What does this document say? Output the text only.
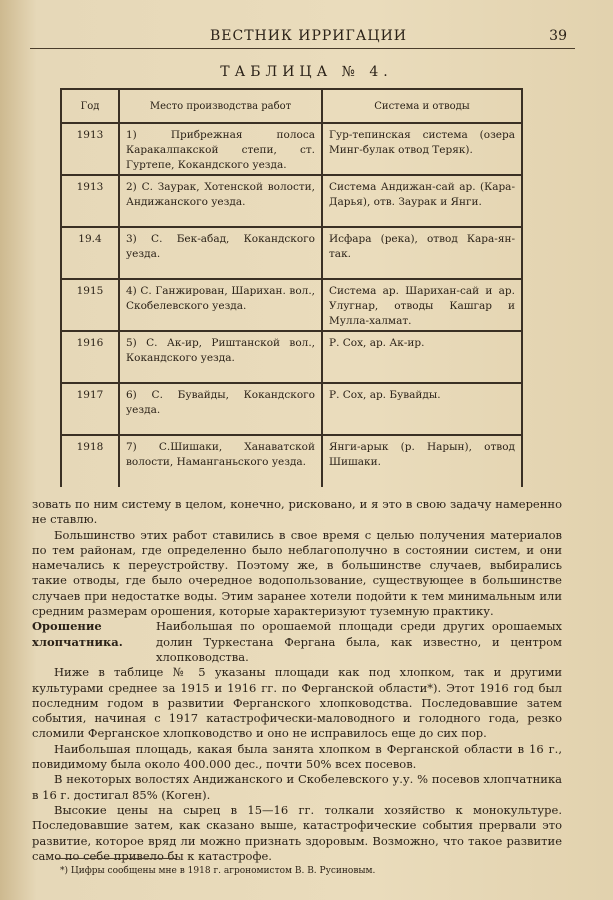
ВЕСТНИК ИРРИГАЦИИ	39
ТАБЛИЦА № 4.
Год	Место производства работ	Система и отводы
1913	1) Прибрежная полоса Каракалпакской степи, ст. Гуртепе, Кокандского уезда.	Гур-тепинская система (озера Минг-булак отвод Теряк).
1913	2) С. Заурак, Хотенской волости, Андижанского уезда.	Система Андижан-сай ар. (Кара-Дарья), отв. Заурак и Янги.
19.4	3) С. Бек-абад, Кокандского уезда.	Исфара (река), отвод Кара-ян-так.
1915	4) С. Ганжирован, Шарихан. вол., Скобелевского уезда.	Система ар. Шарихан-сай и ар. Улугнар, отводы Кашгар и Мулла-халмат.
1916	5) С. Ак-ир, Риштанской вол., Кокандского уезда.	Р. Сох, ар. Ак-ир.
1917	6) С. Бувайды, Кокандского уезда.	Р. Сох, ар. Бувайды.
1918	7) С.Шишаки, Ханаватской волости, Наманганьского уезда.	Янги-арык (р. Нарын), отвод Шишаки.

зовать по ним систему в целом, конечно, рисковано, и я это в свою задачу намеренно не ставлю.

Большинство этих работ ставились в свое время с целью получения материалов по тем районам, где определенно было неблагополучно в состоянии систем, и они намечались к переустройству. Поэтому же, в большинстве случаев, выбирались такие отводы, где было очередное водопользование, существующее в большинстве случаев при недостатке воды. Этим заранее хотели подойти к тем минимальным или средним размерам орошения, которые характеризуют туземную практику.

Орошение хлопчатника.
Наибольшая по орошаемой площади среди других орошаемых долин Туркестана Фергана была, как известно, и центром хлопководства.

Ниже в таблице № 5 указаны площади как под хлопком, так и другими культурами среднее за 1915 и 1916 гг. по Ферганской области*). Этот 1916 год был последним годом в развитии Ферганского хлопководства. Последовавшие затем события, начиная с 1917 катастрофически-маловодного и голодного года, резко сломили Ферганское хлопководство и оно не исправилось еще до сих пор.

Наибольшая площадь, какая была занята хлопком в Ферганской области в 16 г., повидимому была около 400.000 дес., почти 50% всех посевов.

В некоторых волостях Андижанского и Скобелевского у.у. % посевов хлопчатника в 16 г. достигал 85% (Коген).

Высокие цены на сырец в 15—16 гг. толкали хозяйство к монокультуре. Последовавшие затем, как сказано выше, катастрофические события прервали это развитие, которое вряд ли можно признать здоровым. Возможно, что такое развитие само по себе привело бы к катастрофе.

*) Цифры сообщены мне в 1918 г. агрономистом В. В. Русиновым.
